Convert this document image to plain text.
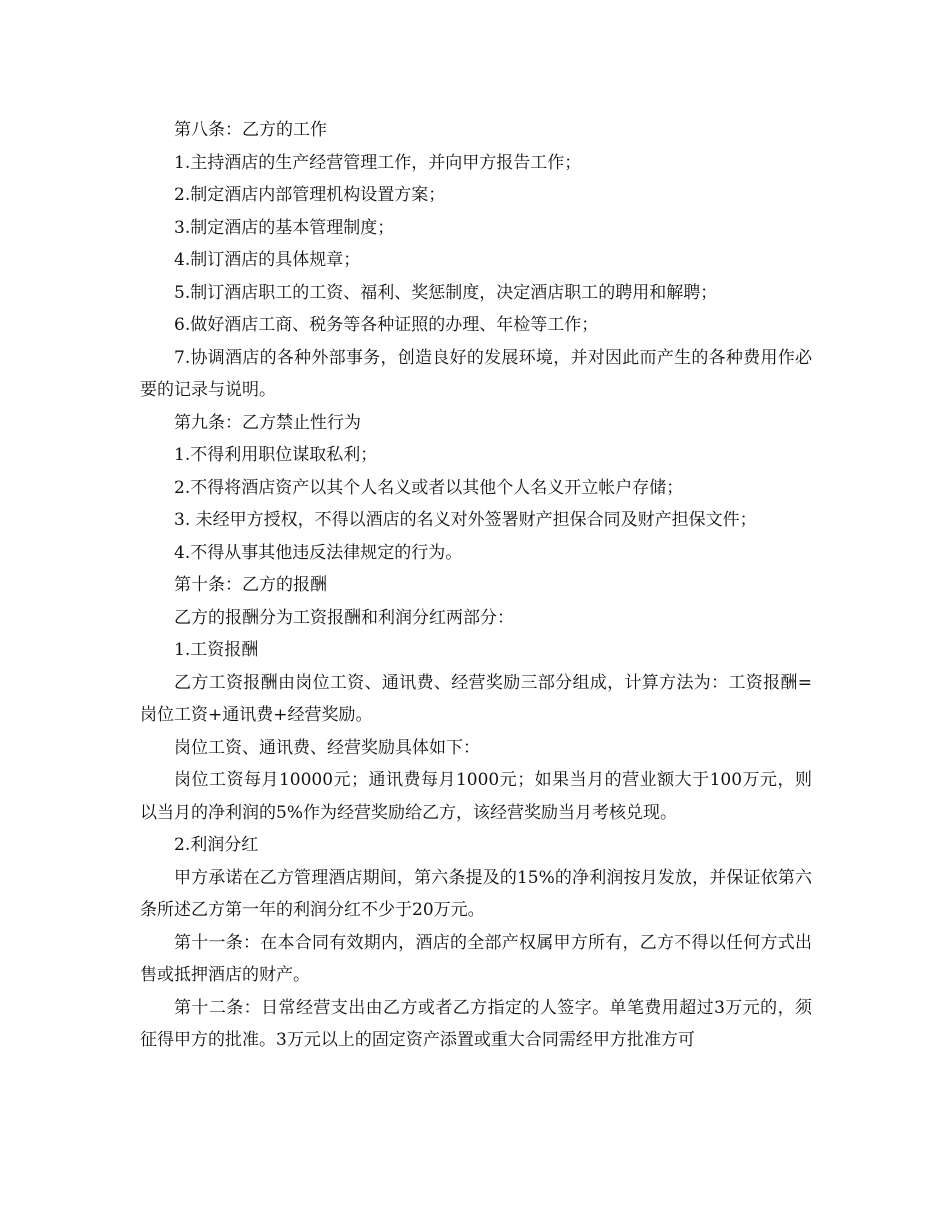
第八条：乙方的工作

1.主持酒店的生产经营管理工作，并向甲方报告工作；

2.制定酒店内部管理机构设置方案；

3.制定酒店的基本管理制度；

4.制订酒店的具体规章；

5.制订酒店职工的工资、福利、奖惩制度，决定酒店职工的聘用和解聘；

6.做好酒店工商、税务等各种证照的办理、年检等工作；

7.协调酒店的各种外部事务，创造良好的发展环境，并对因此而产生的各种费用作必要的记录与说明。

第九条：乙方禁止性行为

1.不得利用职位谋取私利；

2.不得将酒店资产以其个人名义或者以其他个人名义开立帐户存储；

3. 未经甲方授权，不得以酒店的名义对外签署财产担保合同及财产担保文件；

4.不得从事其他违反法律规定的行为。

第十条：乙方的报酬

乙方的报酬分为工资报酬和利润分红两部分：

1.工资报酬

乙方工资报酬由岗位工资、通讯费、经营奖励三部分组成，计算方法为：工资报酬=岗位工资+通讯费+经营奖励。

岗位工资、通讯费、经营奖励具体如下：

岗位工资每月10000元；通讯费每月1000元；如果当月的营业额大于100万元，则以当月的净利润的5%作为经营奖励给乙方，该经营奖励当月考核兑现。

2.利润分红

甲方承诺在乙方管理酒店期间，第六条提及的15%的净利润按月发放，并保证依第六条所述乙方第一年的利润分红不少于20万元。

第十一条：在本合同有效期内，酒店的全部产权属甲方所有，乙方不得以任何方式出售或抵押酒店的财产。

第十二条：日常经营支出由乙方或者乙方指定的人签字。单笔费用超过3万元的，须征得甲方的批准。3万元以上的固定资产添置或重大合同需经甲方批准方可
